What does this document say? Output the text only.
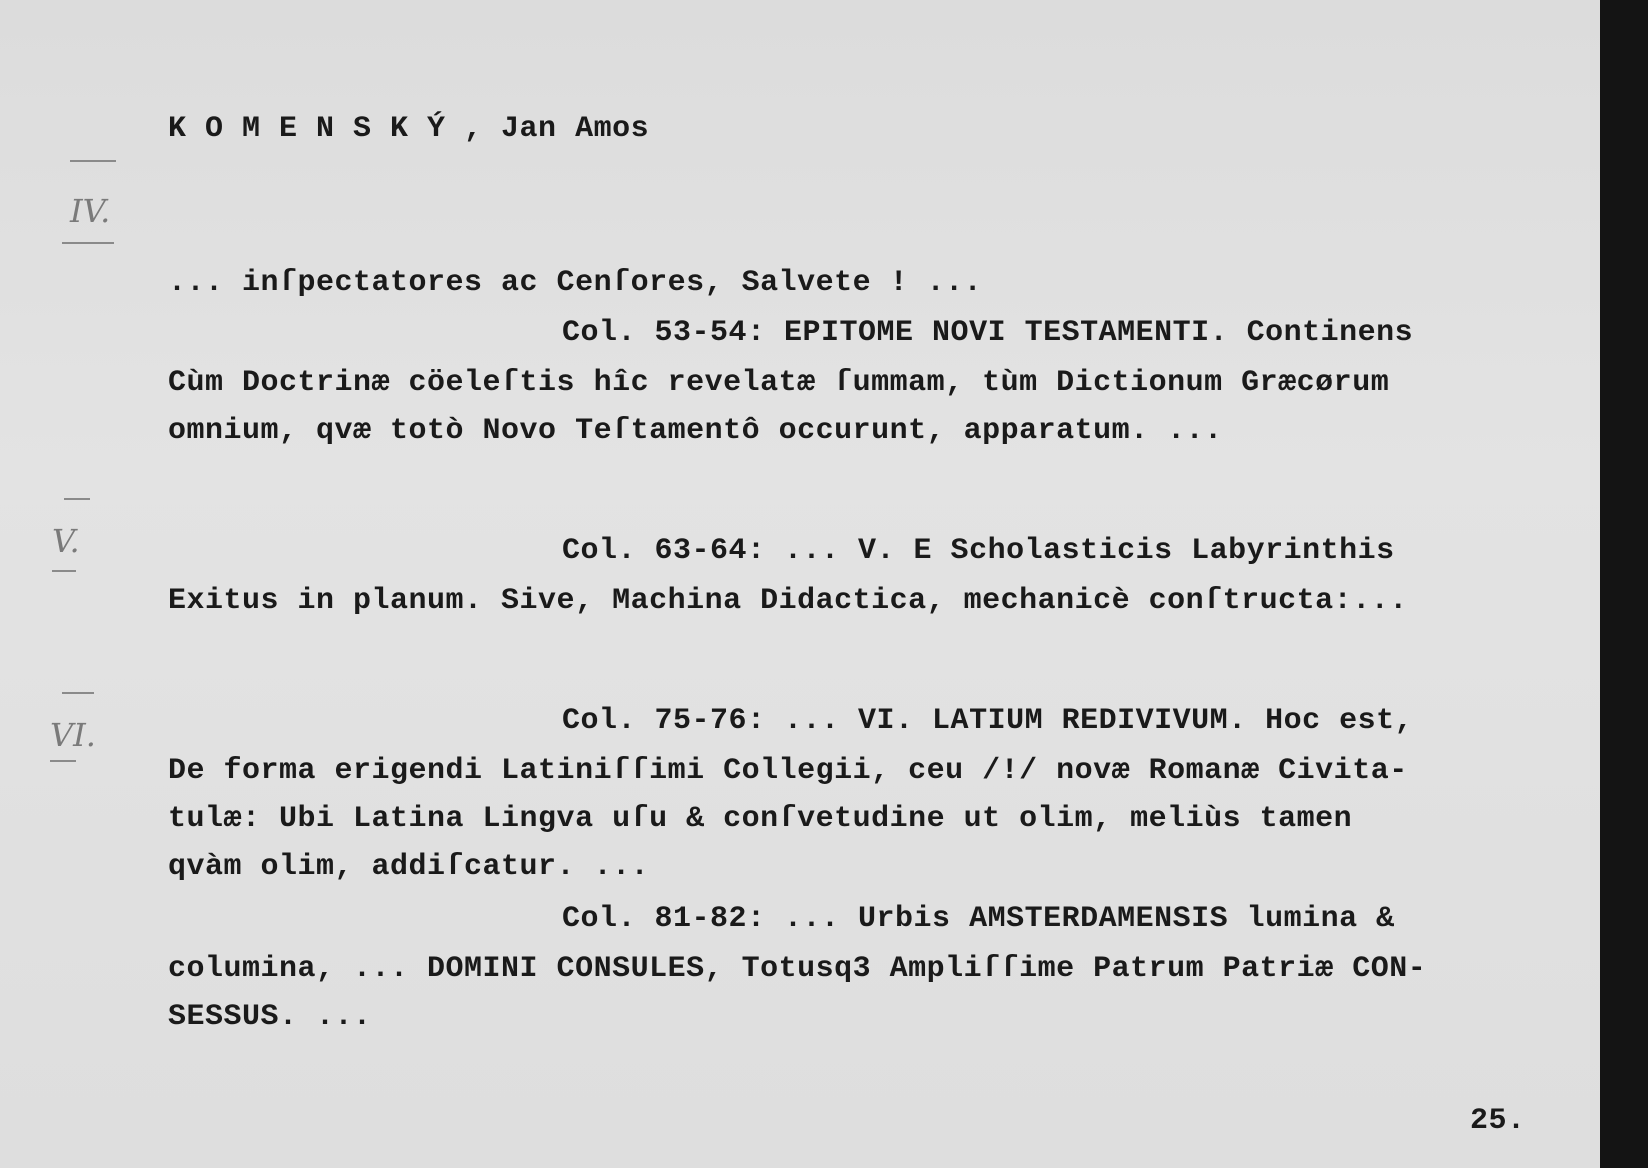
K O M E N S K Ý , Jan Amos
IV.
V.
VI.
... inſpectatores ac Cenſores, Salvete ! ...
Col. 53-54: EPITOME NOVI TESTAMENTI. Continens
Cùm Doctrinæ cöeleſtis hîc revelatæ ſummam, tùm Dictionum Græcørum
omnium, qvæ totò Novo Teſtamentô occurunt, apparatum. ...
Col. 63-64: ... V. E Scholasticis Labyrinthis
Exitus in planum. Sive, Machina Didactica, mechanicè conſtructa:...
Col. 75-76: ... VI. LATIUM REDIVIVUM. Hoc est,
De forma erigendi Latiniſſimi Collegii, ceu /!/ novæ Romanæ Civita-
tulæ: Ubi Latina Lingva uſu & conſvetudine ut olim, meliùs tamen
qvàm olim, addiſcatur. ...
Col. 81-82: ... Urbis AMSTERDAMENSIS lumina &
columina, ... DOMINI CONSULES, Totusq3 Ampliſſime Patrum Patriæ CON-
SESSUS. ...
25.
